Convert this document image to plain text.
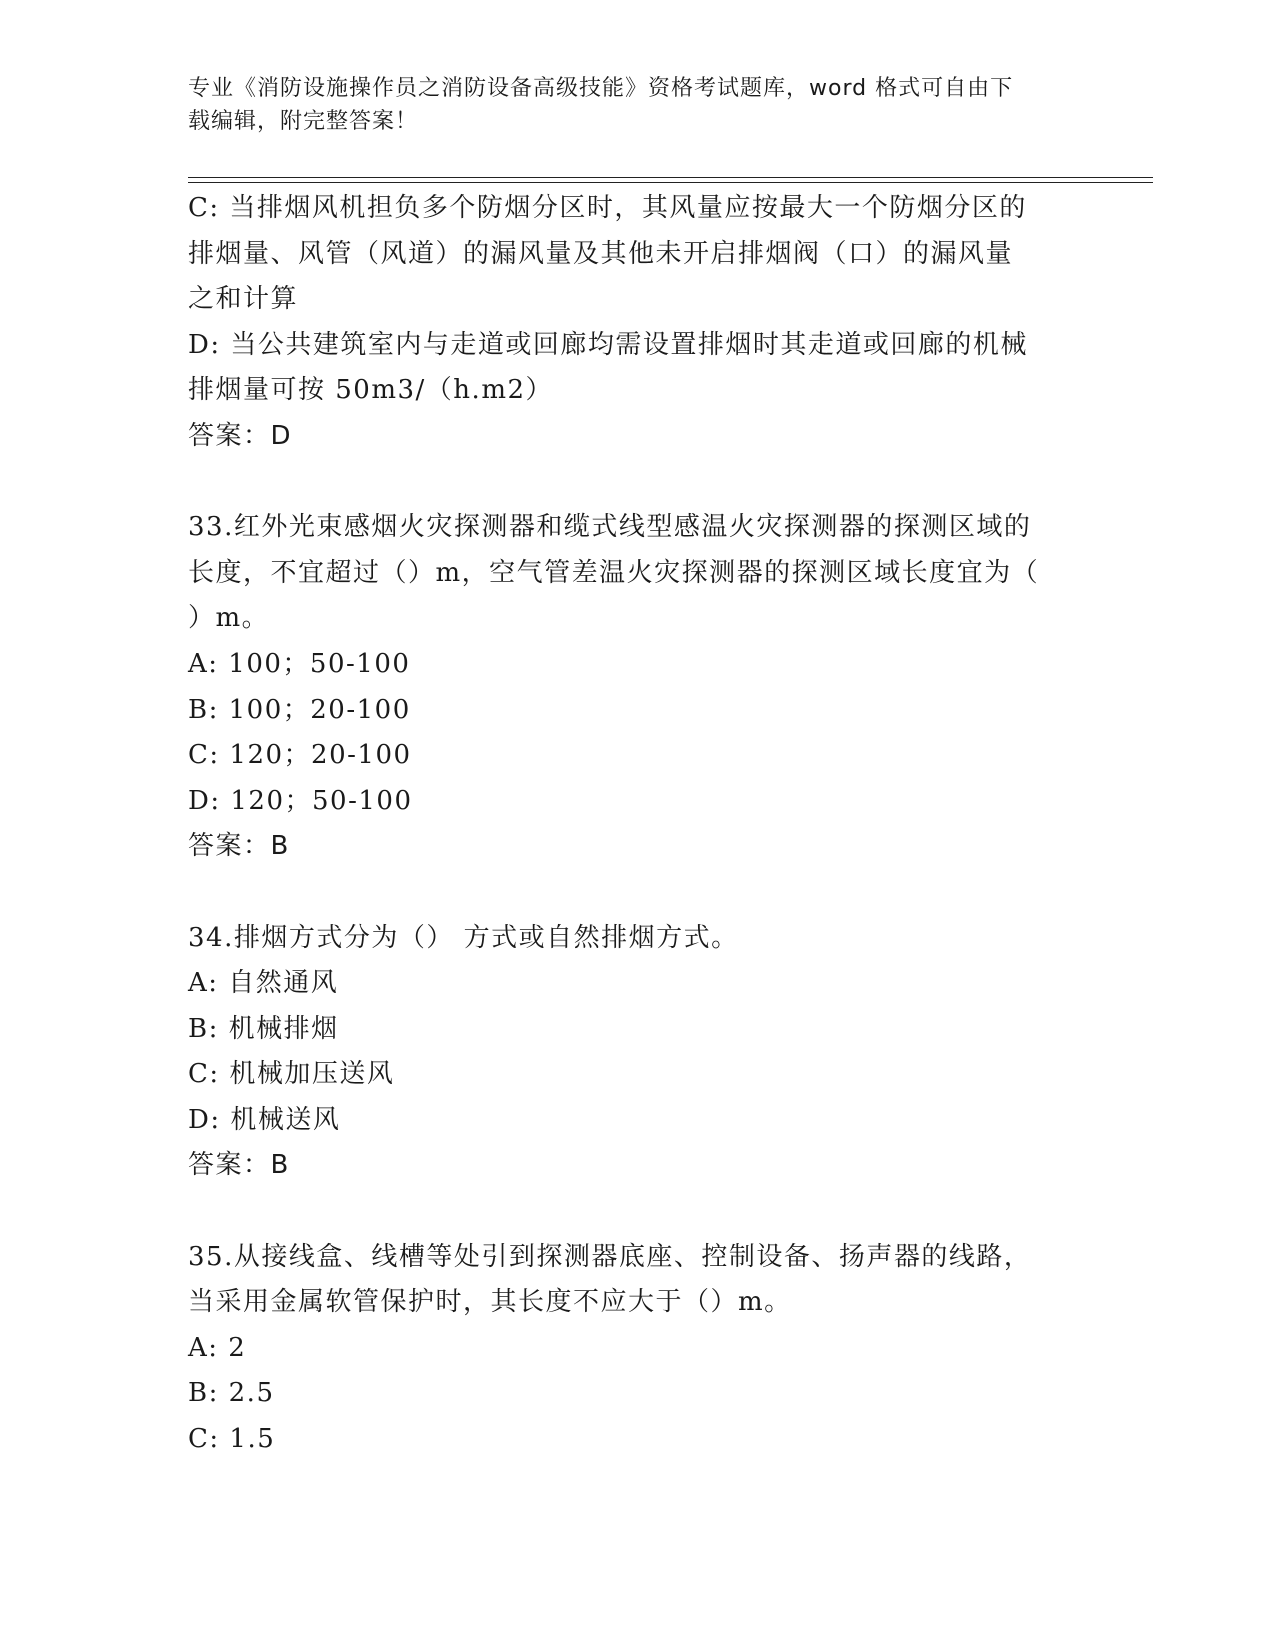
专业《消防设施操作员之消防设备高级技能》资格考试题库，word 格式可自由下
载编辑，附完整答案！
C: 当排烟风机担负多个防烟分区时，其风量应按最大一个防烟分区的
排烟量、风管（风道）的漏风量及其他未开启排烟阀（口）的漏风量
之和计算
D: 当公共建筑室内与走道或回廊均需设置排烟时其走道或回廊的机械
排烟量可按 50m3/（h.m2）
答案：D
33.红外光束感烟火灾探测器和缆式线型感温火灾探测器的探测区域的
长度，不宜超过（）m，空气管差温火灾探测器的探测区域长度宜为（
）m。
A: 100；50-100
B: 100；20-100
C: 120；20-100
D: 120；50-100
答案：B
34.排烟方式分为（） 方式或自然排烟方式。
A: 自然通风
B: 机械排烟
C: 机械加压送风
D: 机械送风
答案：B
35.从接线盒、线槽等处引到探测器底座、控制设备、扬声器的线路，
当采用金属软管保护时，其长度不应大于（）m。
A: 2
B: 2.5
C: 1.5
